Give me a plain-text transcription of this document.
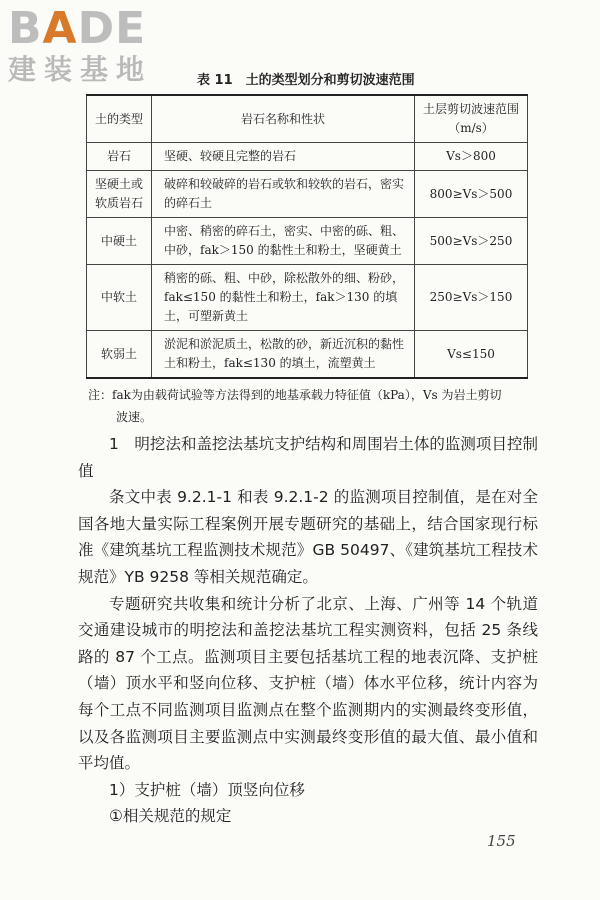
BADE
建装基地	表 11　土的类型划分和剪切波速范围
土的类型	岩石名称和性状	土层剪切波速范围（m/s）
岩石	坚硬、较硬且完整的岩石	Vs＞800
坚硬土或软质岩石	破碎和较破碎的岩石或软和较软的岩石，密实的碎石土	800≥Vs＞500
中硬土	中密、稍密的碎石土，密实、中密的砾、粗、中砂，fak＞150 的黏性土和粉土，坚硬黄土	500≥Vs＞250
中软土	稍密的砾、粗、中砂，除松散外的细、粉砂，fak≤150 的黏性土和粉土，fak＞130 的填土，可塑新黄土	250≥Vs＞150
软弱土	淤泥和淤泥质土，松散的砂，新近沉积的黏性土和粉土，fak≤130 的填土，流塑黄土	Vs≤150
注：fak为由载荷试验等方法得到的地基承载力特征值（kPa），Vs 为岩土剪切
波速。

1　明挖法和盖挖法基坑支护结构和周围岩土体的监测项目控制值

条文中表 9.2.1-1 和表 9.2.1-2 的监测项目控制值，是在对全国各地大量实际工程案例开展专题研究的基础上，结合国家现行标准《建筑基坑工程监测技术规范》GB 50497、《建筑基坑工程技术规范》YB 9258 等相关规范确定。

专题研究共收集和统计分析了北京、上海、广州等 14 个轨道交通建设城市的明挖法和盖挖法基坑工程实测资料，包括 25 条线路的 87 个工点。监测项目主要包括基坑工程的地表沉降、支护桩（墙）顶水平和竖向位移、支护桩（墙）体水平位移，统计内容为每个工点不同监测项目监测点在整个监测期内的实测最终变形值，以及各监测项目主要监测点中实测最终变形值的最大值、最小值和平均值。

1）支护桩（墙）顶竖向位移

①相关规范的规定

155
